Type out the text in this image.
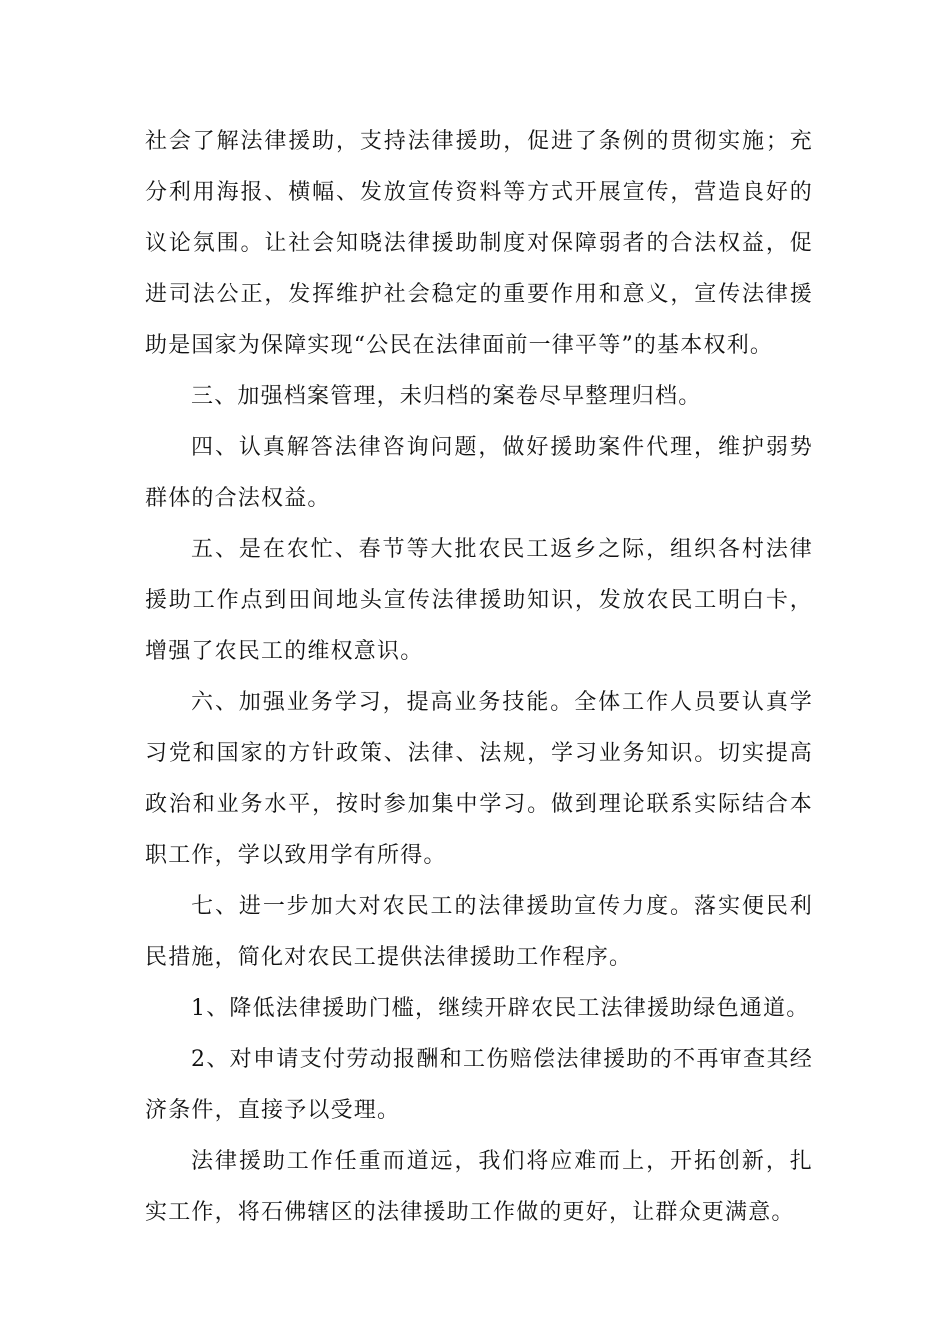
社会了解法律援助，支持法律援助，促进了条例的贯彻实施；充分利用海报、横幅、发放宣传资料等方式开展宣传，营造良好的议论氛围。让社会知晓法律援助制度对保障弱者的合法权益，促进司法公正，发挥维护社会稳定的重要作用和意义，宣传法律援助是国家为保障实现“公民在法律面前一律平等”的基本权利。

三、加强档案管理，未归档的案卷尽早整理归档。

四、认真解答法律咨询问题，做好援助案件代理，维护弱势群体的合法权益。

五、是在农忙、春节等大批农民工返乡之际，组织各村法律援助工作点到田间地头宣传法律援助知识，发放农民工明白卡，增强了农民工的维权意识。

六、加强业务学习，提高业务技能。全体工作人员要认真学习党和国家的方针政策、法律、法规，学习业务知识。切实提高政治和业务水平，按时参加集中学习。做到理论联系实际结合本职工作，学以致用学有所得。

七、进一步加大对农民工的法律援助宣传力度。落实便民利民措施，简化对农民工提供法律援助工作程序。

1、降低法律援助门槛，继续开辟农民工法律援助绿色通道。

2、对申请支付劳动报酬和工伤赔偿法律援助的不再审查其经济条件，直接予以受理。

法律援助工作任重而道远，我们将应难而上，开拓创新，扎实工作，将石佛辖区的法律援助工作做的更好，让群众更满意。
